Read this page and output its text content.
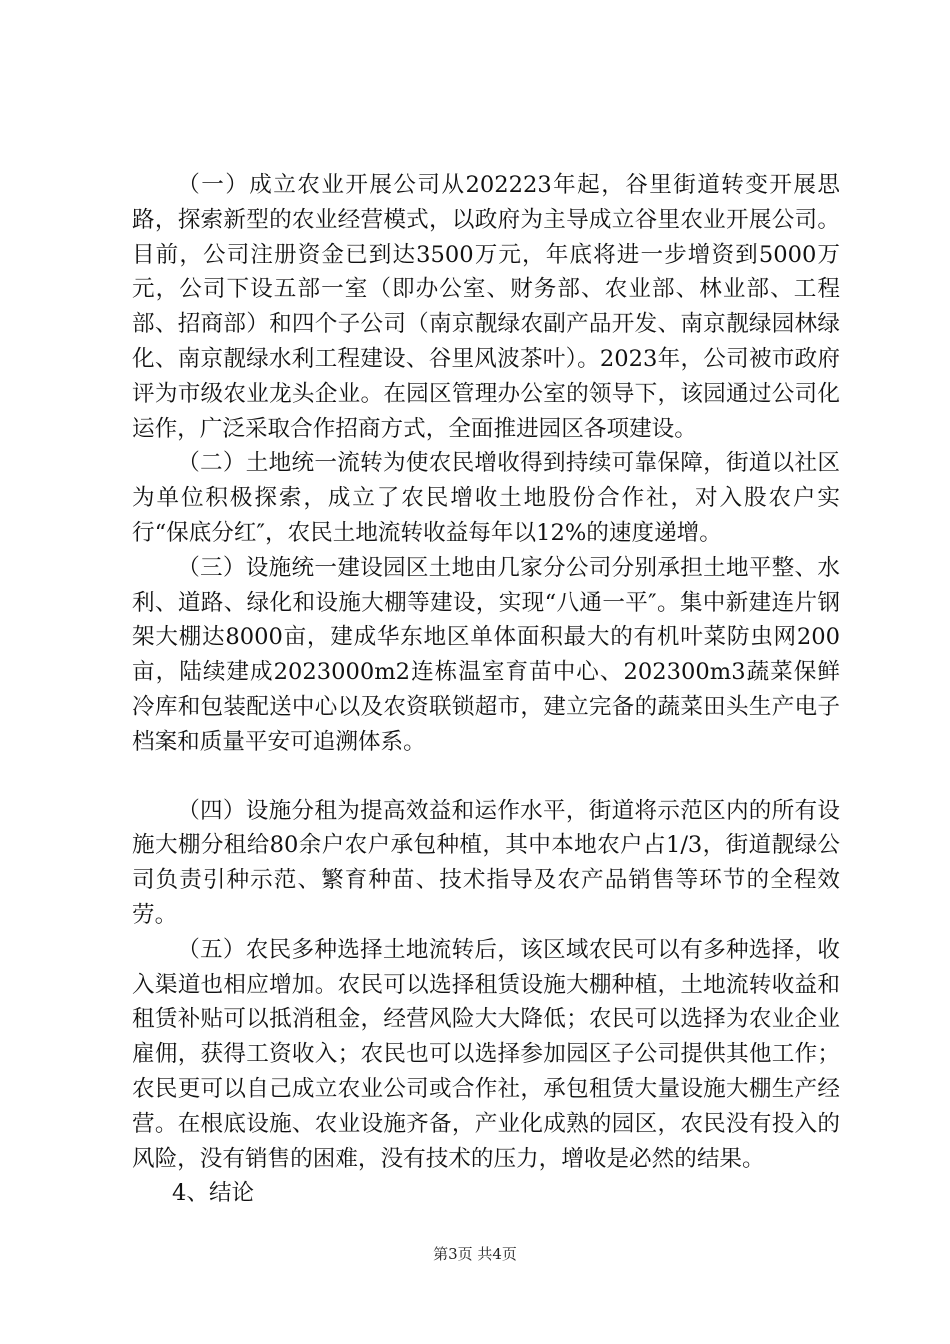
（一）成立农业开展公司从202223年起，谷里街道转变开展思路，探索新型的农业经营模式，以政府为主导成立谷里农业开展公司。目前，公司注册资金已到达3500万元，年底将进一步增资到5000万元，公司下设五部一室（即办公室、财务部、农业部、林业部、工程部、招商部）和四个子公司（南京靓绿农副产品开发、南京靓绿园林绿化、南京靓绿水利工程建设、谷里风波茶叶）。2023年，公司被市政府评为市级农业龙头企业。在园区管理办公室的领导下，该园通过公司化运作，广泛采取合作招商方式，全面推进园区各项建设。

（二）土地统一流转为使农民增收得到持续可靠保障，街道以社区为单位积极探索，成立了农民增收土地股份合作社，对入股农户实行“保底分红″，农民土地流转收益每年以12%的速度递增。

（三）设施统一建设园区土地由几家分公司分别承担土地平整、水利、道路、绿化和设施大棚等建设，实现“八通一平″。集中新建连片钢架大棚达8000亩，建成华东地区单体面积最大的有机叶菜防虫网200亩，陆续建成2023000m2连栋温室育苗中心、202300m3蔬菜保鲜冷库和包装配送中心以及农资联锁超市，建立完备的蔬菜田头生产电子档案和质量平安可追溯体系。

（四）设施分租为提高效益和运作水平，街道将示范区内的所有设施大棚分租给80余户农户承包种植，其中本地农户占1/3，街道靓绿公司负责引种示范、繁育种苗、技术指导及农产品销售等环节的全程效劳。

（五）农民多种选择土地流转后，该区域农民可以有多种选择，收入渠道也相应增加。农民可以选择租赁设施大棚种植，土地流转收益和租赁补贴可以抵消租金，经营风险大大降低；农民可以选择为农业企业雇佣，获得工资收入；农民也可以选择参加园区子公司提供其他工作；农民更可以自己成立农业公司或合作社，承包租赁大量设施大棚生产经营。在根底设施、农业设施齐备，产业化成熟的园区，农民没有投入的风险，没有销售的困难，没有技术的压力，增收是必然的结果。

4、结论

第3页 共4页
